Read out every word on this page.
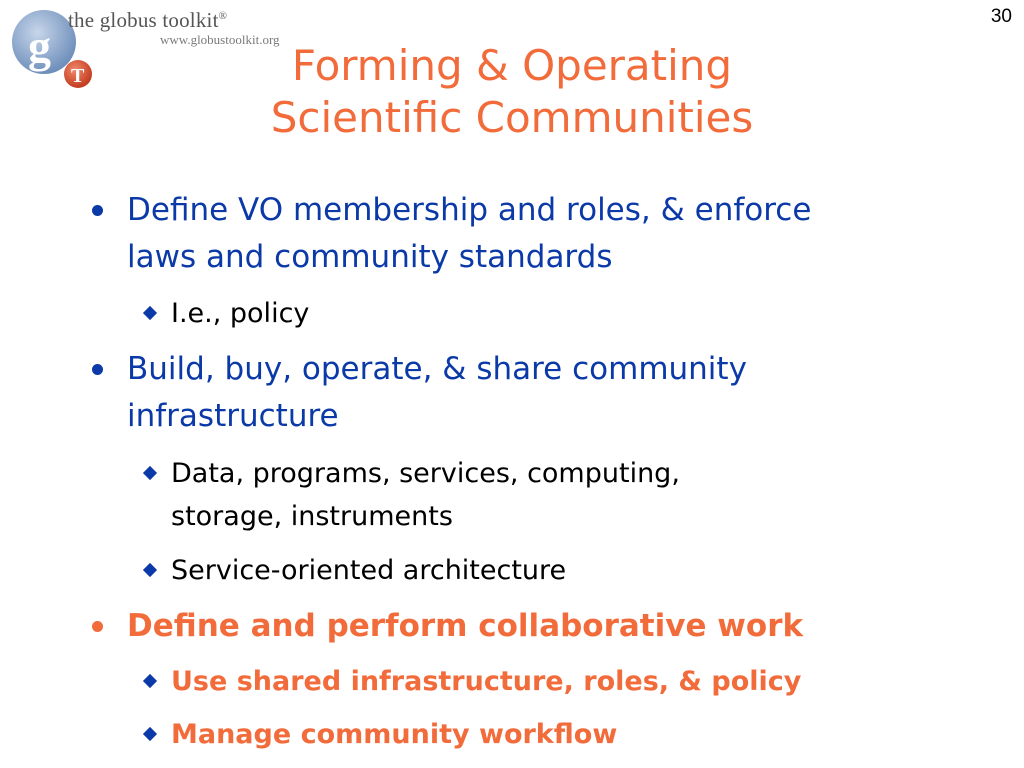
g
T
the globus toolkit®
www.globustoolkit.org
30
Forming & Operating
Scientific Communities
Define VO membership and roles, & enforce
laws and community standards
I.e., policy
Build, buy, operate, & share community
infrastructure
Data, programs, services, computing,
storage, instruments
Service-oriented architecture
Define and perform collaborative work
Use shared infrastructure, roles, & policy
Manage community workflow
